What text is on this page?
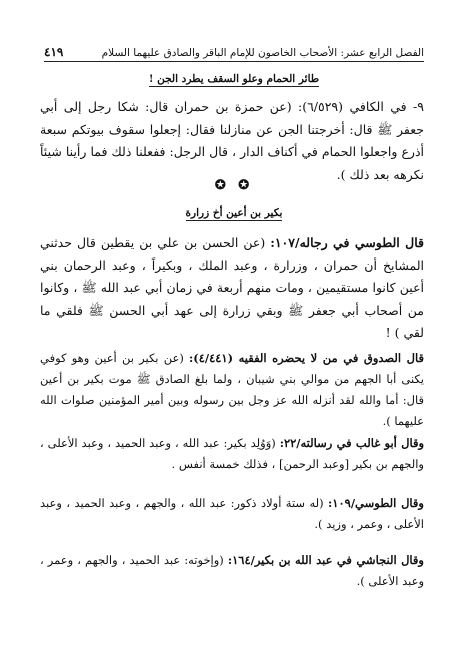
الفصل الرابع عشر: الأصحاب الخاصون للإمام الباقر والصادق عليهما السلام
٤١٩
طائر الحمام وعلو السقف يطرد الجن !
٩- في الكافي (٦/٥٢٩): (عن حمزة بن حمران قال: شكا رجل إلى أبي جعفر ﷺ قال: أخرجتنا الجن عن منازلنا فقال: إجعلوا سقوف بيوتكم سبعة أذرع واجعلوا الحمام في أكناف الدار ، قال الرجل: ففعلنا ذلك فما رأينا شيئاً نكرهه بعد ذلك ).
✪ ✪
بكير بن أعين أخ زرارة
قال الطوسي في رجاله/١٠٧: (عن الحسن بن علي بن يقطين قال حدثني المشايخ أن حمران ، وزرارة ، وعبد الملك ، وبكيراً ، وعبد الرحمان بني أعين كانوا مستقيمين ، ومات منهم أربعة في زمان أبي عبد الله ﷺ ، وكانوا من أصحاب أبي جعفر ﷺ وبقي زرارة إلى عهد أبي الحسن ﷺ فلقي ما لقي ) !
قال الصدوق في من لا يحضره الفقيه (٤/٤٤١): (عن بكير بن أعين وهو كوفي يكنى أبا الجهم من موالي بني شيبان ، ولما بلغ الصادق ﷺ موت بكير بن أعين قال: أما والله لقد أنزله الله عز وجل بين رسوله وبين أمير المؤمنين صلوات الله عليهما ).
وقال أبو غالب في رسالته/٢٢: (وَوُلِد بكير: عبد الله ، وعبد الحميد ، وعبد الأعلى ، والجهم بن بكير [وعبد الرحمن] ، فذلك خمسة أنفس .
وقال الطوسي/١٠٩: (له ستة أولاد ذكور: عبد الله ، والجهم ، وعبد الحميد ، وعبد الأعلى ، وعمر ، وزيد ).
وقال النجاشي في عبد الله بن بكير/١٦٤: (وإخوته: عبد الحميد ، والجهم ، وعمر ، وعبد الأعلى ).
